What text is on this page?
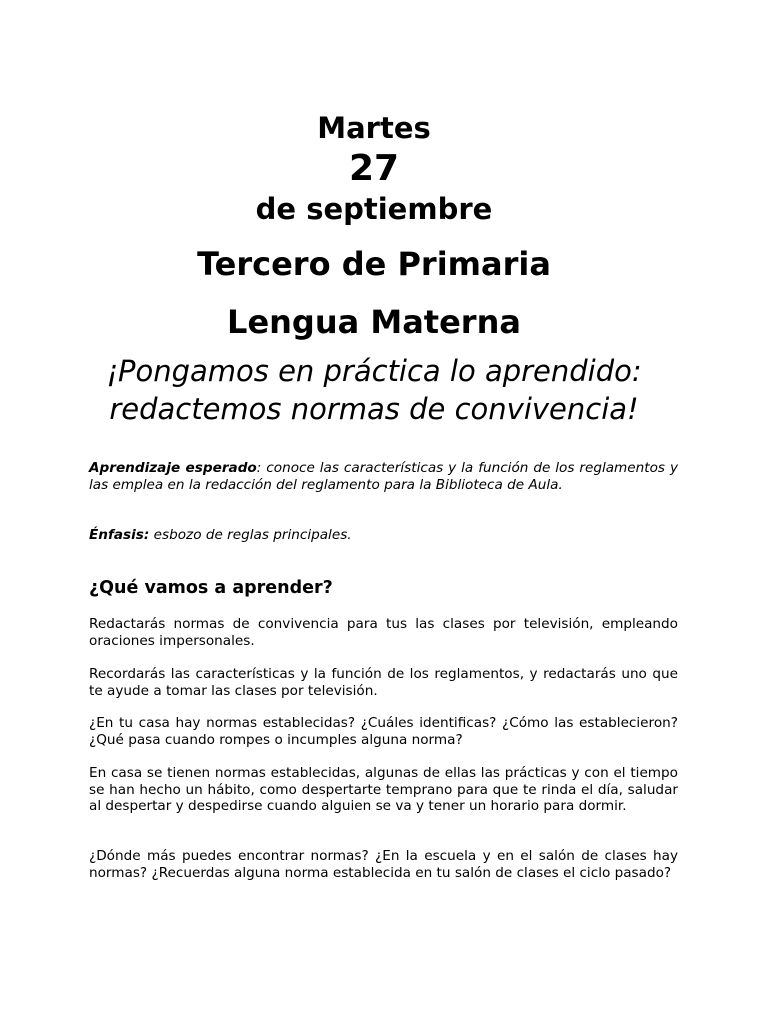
Martes
27
de septiembre
Tercero de Primaria
Lengua Materna
¡Pongamos en práctica lo aprendido:
redactemos normas de convivencia!

Aprendizaje esperado: conoce las características y la función de los reglamentos y las emplea en la redacción del reglamento para la Biblioteca de Aula.

Énfasis: esbozo de reglas principales.

¿Qué vamos a aprender?

Redactarás normas de convivencia para tus las clases por televisión, empleando oraciones impersonales.

Recordarás las características y la función de los reglamentos, y redactarás uno que te ayude a tomar las clases por televisión.

¿En tu casa hay normas establecidas? ¿Cuáles identificas? ¿Cómo las establecieron? ¿Qué pasa cuando rompes o incumples alguna norma?

En casa se tienen normas establecidas, algunas de ellas las prácticas y con el tiempo se han hecho un hábito, como despertarte temprano para que te rinda el día, saludar al despertar y despedirse cuando alguien se va y tener un horario para dormir.

¿Dónde más puedes encontrar normas? ¿En la escuela y en el salón de clases hay normas? ¿Recuerdas alguna norma establecida en tu salón de clases el ciclo pasado?
